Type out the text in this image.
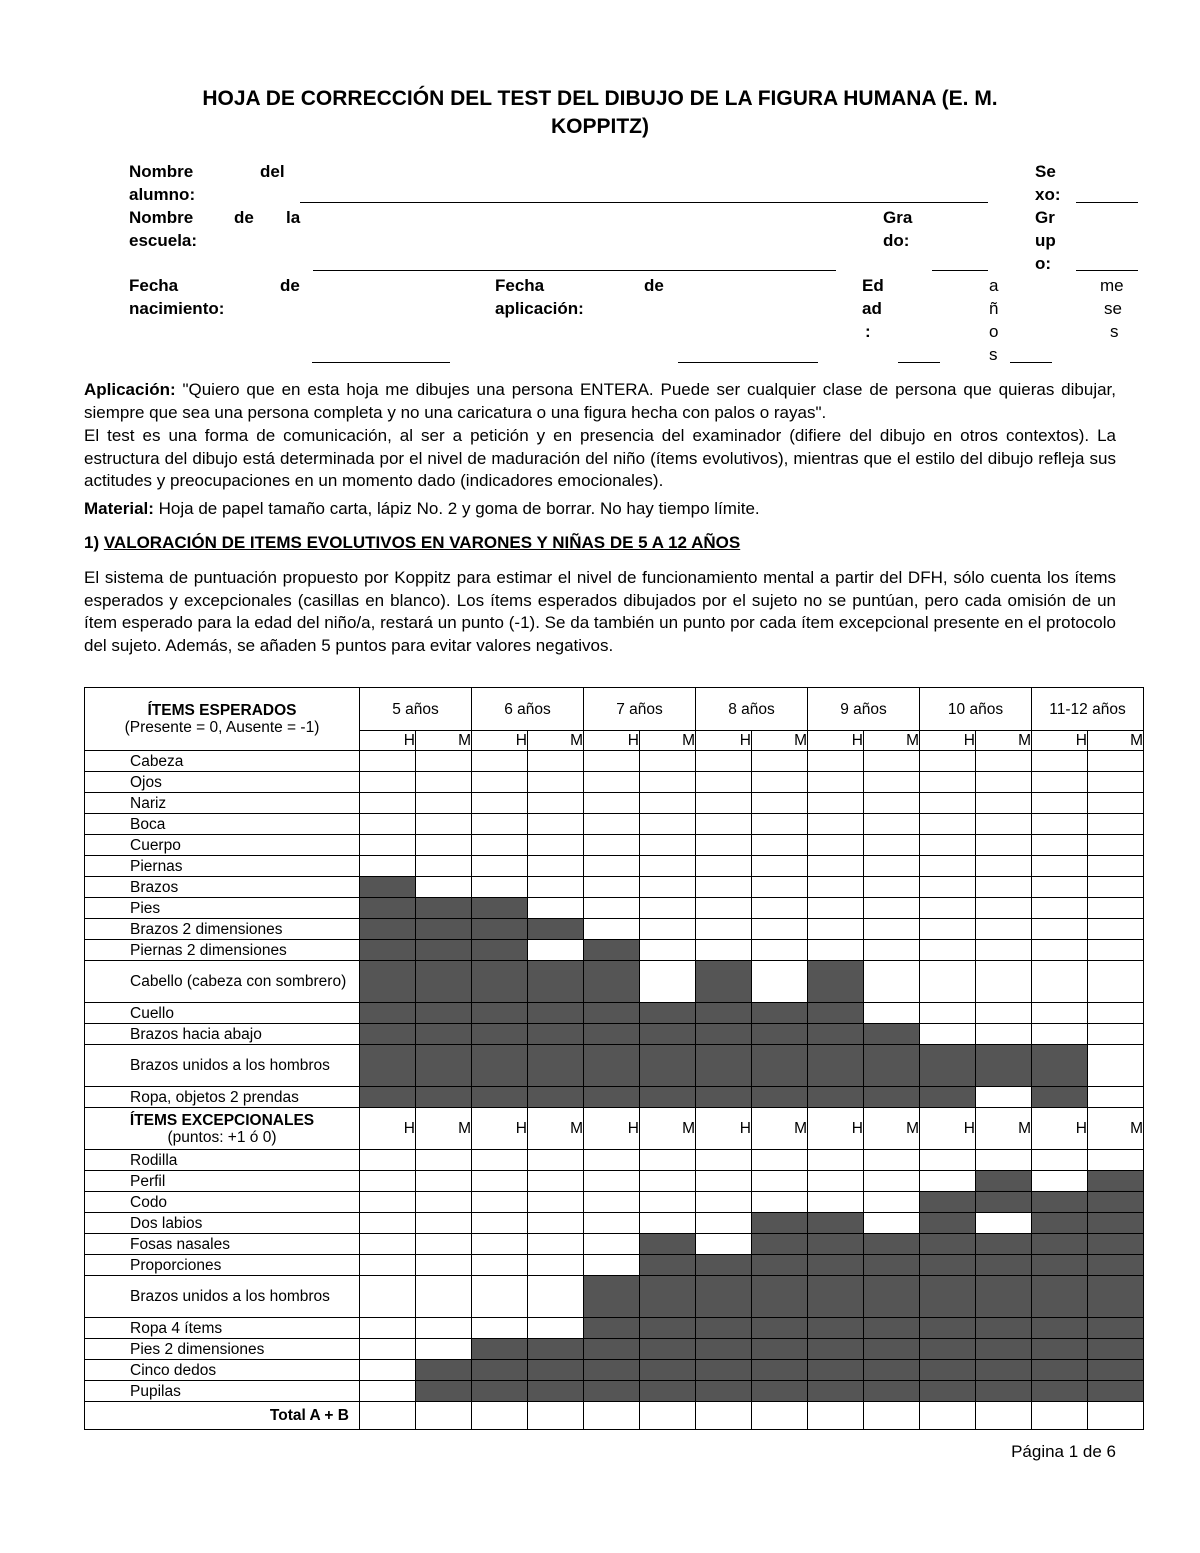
HOJA DE CORRECCIÓN DEL TEST DEL DIBUJO DE LA FIGURA HUMANA (E. M.
KOPPITZ)
Nombre	del
alumno:
Se
xo:
Nombre de la
escuela:
Gra
do:
Gr
up
o:
Fecha	de
nacimiento:
Fecha	de
aplicación:
Ed
ad
:
a
ñ
o
s
me
se
s
Aplicación: "Quiero que en esta hoja me dibujes una persona ENTERA. Puede ser cualquier clase de persona que quieras dibujar, siempre que sea una persona completa y no una caricatura o una figura hecha con palos o rayas".
El test es una forma de comunicación, al ser a petición y en presencia del examinador (difiere del dibujo en otros contextos). La estructura del dibujo está determinada por el nivel de maduración del niño (ítems evolutivos), mientras que el estilo del dibujo refleja sus actitudes y preocupaciones en un momento dado (indicadores emocionales).
Material: Hoja de papel tamaño carta, lápiz No. 2 y goma de borrar. No hay tiempo límite.
1) VALORACIÓN DE ITEMS EVOLUTIVOS EN VARONES Y NIÑAS DE 5 A 12 AÑOS
El sistema de puntuación propuesto por Koppitz para estimar el nivel de funcionamiento mental a partir del DFH, sólo cuenta los ítems esperados y excepcionales (casillas en blanco). Los ítems esperados dibujados por el sujeto no se puntúan, pero cada omisión de un ítem esperado para la edad del niño/a, restará un punto (-1). Se da también un punto por cada ítem excepcional presente en el protocolo del sujeto. Además, se añaden 5 puntos para evitar valores negativos.
ÍTEMS ESPERADOS
(Presente = 0, Ausente = -1)	5 años		6 años		7 años		8 años		9 años		10 años		11-12 años	
	H	M	H	M	H	M	H	M	H	M	H	M	H	M
Cabeza														
Ojos														
Nariz														
Boca														
Cuerpo														
Piernas														
Brazos														
Pies														
Brazos 2 dimensiones														
Piernas 2 dimensiones														
Cabello (cabeza con sombrero)														
Cuello														
Brazos hacia abajo														
Brazos unidos a los hombros														
Ropa, objetos 2 prendas														

ÍTEMS EXCEPCIONALES
(puntos: +1 ó 0)	H	M	H	M	H	M	H	M	H	M	H	M	H	M
Rodilla														
Perfil														
Codo														
Dos labios														
Fosas nasales														
Proporciones														
Brazos unidos a los hombros														
Ropa 4 ítems														
Pies 2 dimensiones														
Cinco dedos														
Pupilas														
Total A + B														
Página 1 de 6
